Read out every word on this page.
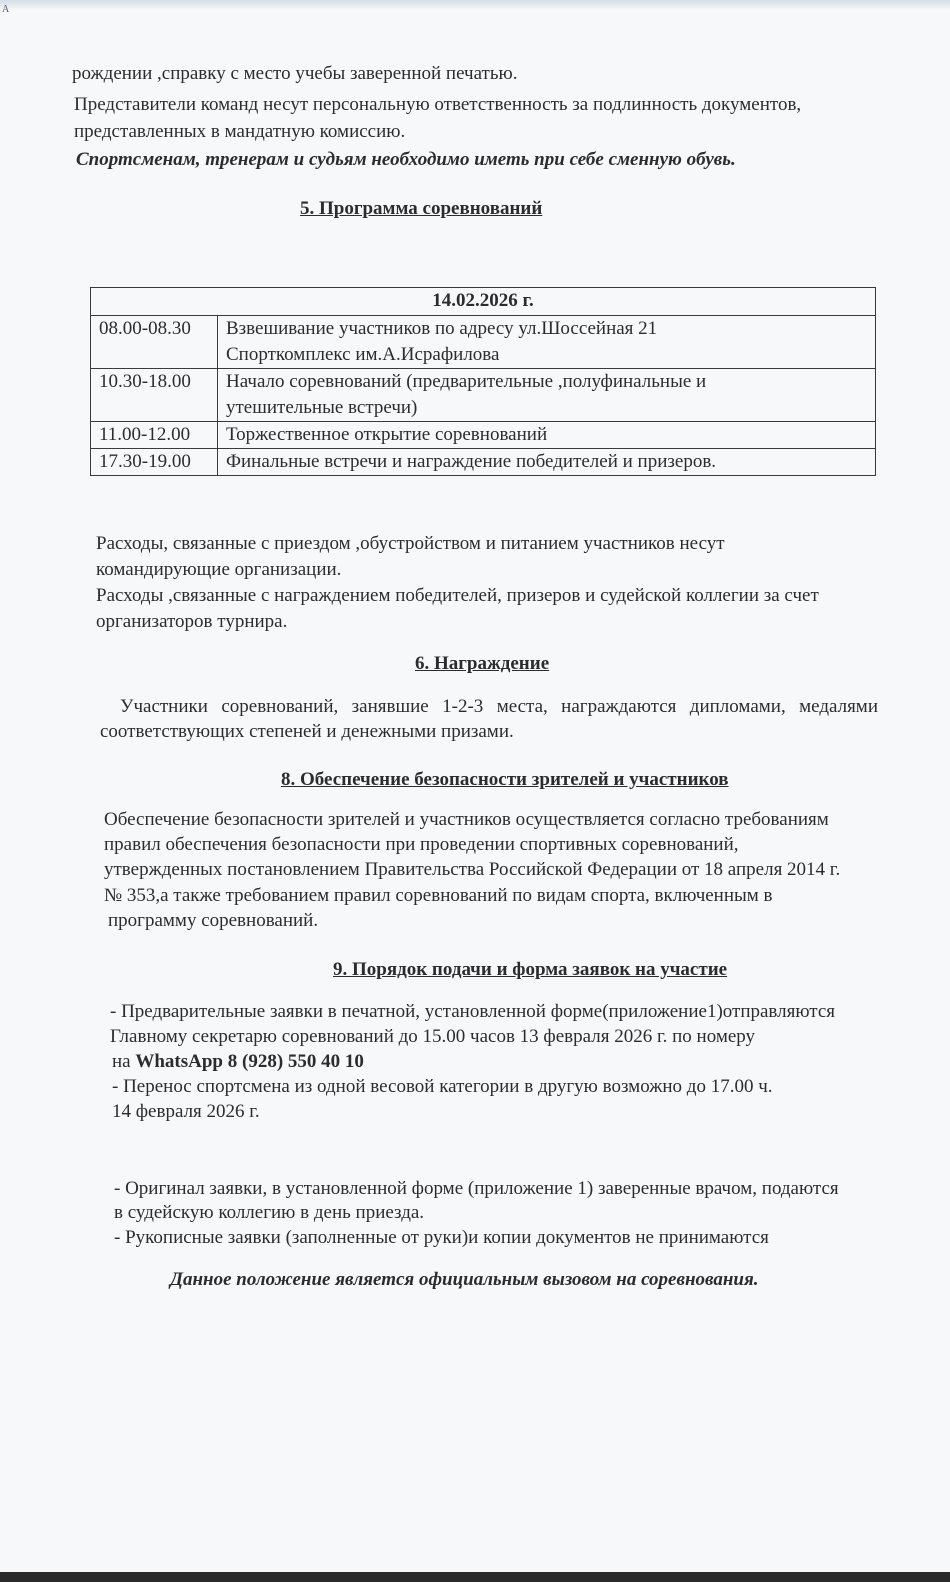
A
рождении ,справку с место учебы заверенной печатью.
Представители команд несут персональную ответственность за подлинность документов,
представленных в мандатную комиссию.
Спортсменам, тренерам и судьям необходимо иметь при себе сменную обувь.
5. Программа соревнований
14.02.2026 г.	
08.00-08.30	Взвешивание участников по адресу ул.Шоссейная 21
Спорткомплекс им.А.Исрафилова

10.30-18.00	Начало соревнований (предварительные ,полуфинальные и
утешительные встречи)

11.00-12.00	Торжественное открытие соревнований
17.30-19.00	Финальные встречи и награждение победителей и призеров.
Расходы, связанные с приездом ,обустройством и питанием участников несут
командирующие организации.
Расходы ,связанные с награждением победителей, призеров и судейской коллегии за счет
организаторов турнира.
6. Награждение
Участники соревнований, занявшие 1-2-3 места, награждаются дипломами, медалями
соответствующих степеней и денежными призами.
8. Обеспечение безопасности зрителей и участников
Обеспечение безопасности зрителей и участников осуществляется согласно требованиям
правил обеспечения безопасности при проведении спортивных соревнований,
утвержденных постановлением Правительства Российской Федерации от 18 апреля 2014 г.
№ 353,а также требованием правил соревнований по видам спорта, включенным в
программу соревнований.
9. Порядок подачи и форма заявок на участие
- Предварительные заявки в печатной, установленной форме(приложение1)отправляются
Главному секретарю соревнований до 15.00 часов 13 февраля 2026 г. по номеру
на WhatsApp 8 (928) 550 40 10
- Перенос спортсмена из одной весовой категории в другую возможно до 17.00 ч.
14 февраля 2026 г.
- Оригинал заявки, в установленной форме (приложение 1) заверенные врачом, подаются
в судейскую коллегию в день приезда.
- Рукописные заявки (заполненные от руки)и копии документов не принимаются
Данное положение является официальным вызовом на соревнования.
